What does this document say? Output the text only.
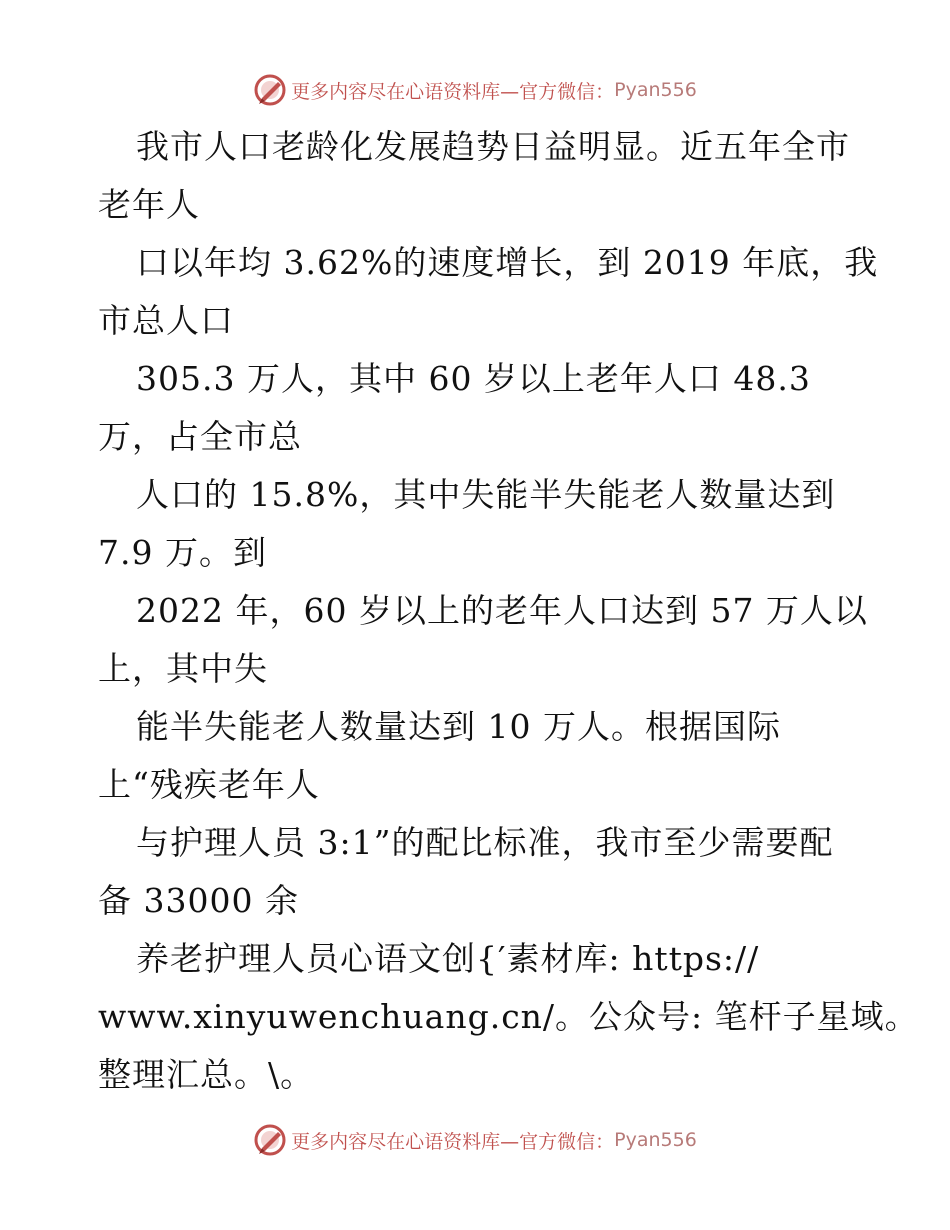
更多内容尽在心语资料库—官方微信： Pyan556
我市人口老龄化发展趋势日益明显。近五年全市
老年人
口以年均 3.62%的速度增长，到 2019 年底，我
市总人口
305.3 万人，其中 60 岁以上老年人口 48.3
万，占全市总
人口的 15.8%，其中失能半失能老人数量达到
7.9 万。到
2022 年，60 岁以上的老年人口达到 57 万人以
上，其中失
能半失能老人数量达到 10 万人。根据国际
上“残疾老年人
与护理人员 3:1”的配比标准，我市至少需要配
备 33000 余
养老护理人员心语文创{′素材库: https://
www.xinyuwenchuang.cn/。公众号: 笔杆子星域。
整理汇总。\。
更多内容尽在心语资料库—官方微信： Pyan556
